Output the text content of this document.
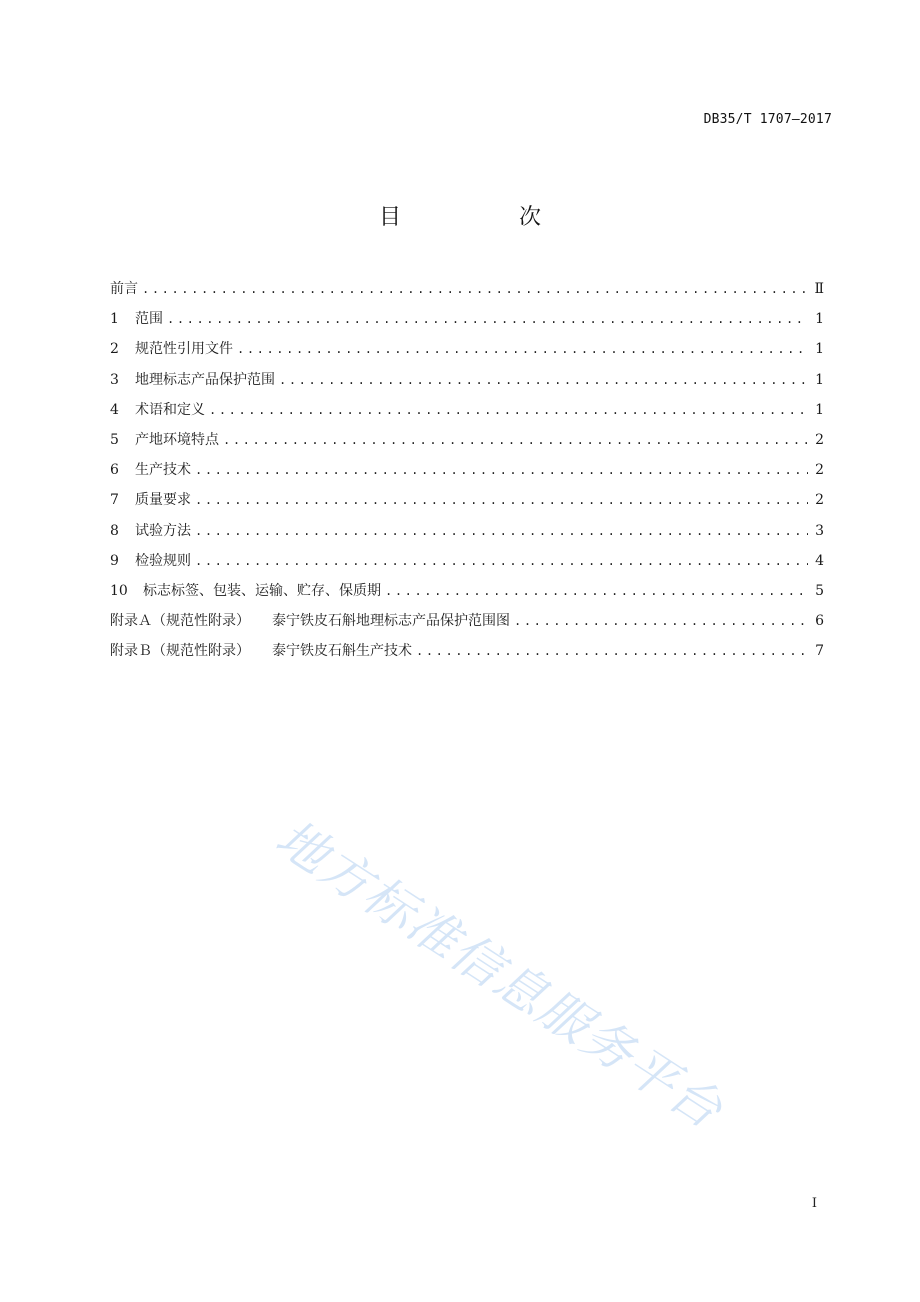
DB35/T 1707—2017
目　次
前言 .....	Ⅱ
1	范围 .....	1
2	规范性引用文件 .....	1
3	地理标志产品保护范围 .....	1
4	术语和定义 .....	1
5	产地环境特点 .....	2
6	生产技术 .....	2
7	质量要求 .....	2
8	试验方法 .....	3
9	检验规则 .....	4
10	标志标签、包装、运输、贮存、保质期 .....	5
附录Ａ（规范性附录） 泰宁铁皮石斛地理标志产品保护范围图 .....	6
附录Ｂ（规范性附录） 泰宁铁皮石斛生产技术 .....	7
地方标准信息服务平台
I
